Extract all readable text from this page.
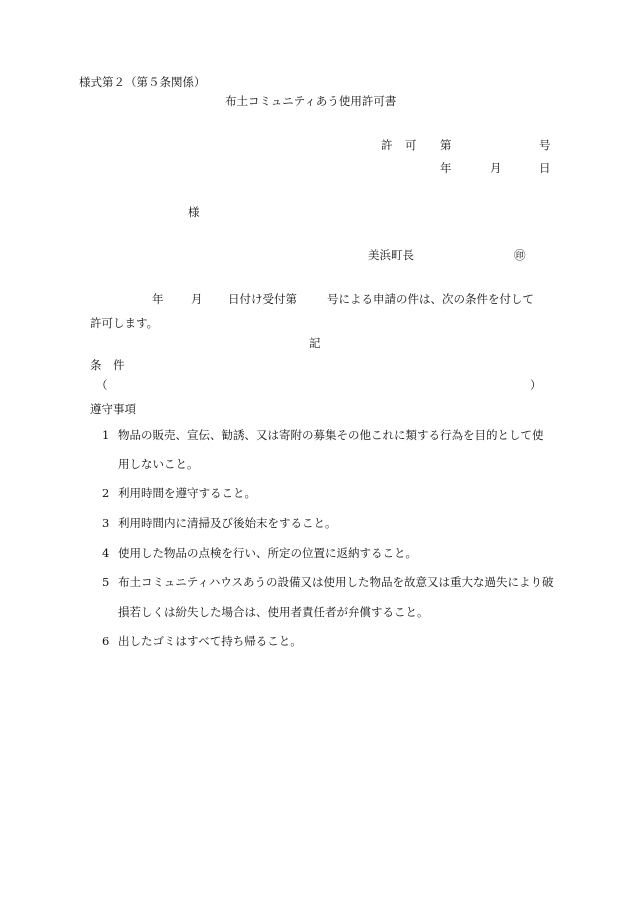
様式第２（第５条関係）
布土コミュニティあう使用許可書
許 可 第	号
年	月	日
様
美浜町長	㊞
年 月 日付け受付第	号による申請の件は、次の条件を付して
許可します。
記
条　件
（	）
遵守事項
1 物品の販売、宣伝、勧誘、又は寄附の募集その他これに類する行為を目的として使
用しないこと。
2 利用時間を遵守すること。
3 利用時間内に清掃及び後始末をすること。
4 使用した物品の点検を行い、所定の位置に返納すること。
5 布土コミュニティハウスあうの設備又は使用した物品を故意又は重大な過失により破
損若しくは紛失した場合は、使用者責任者が弁償すること。
6 出したゴミはすべて持ち帰ること。
